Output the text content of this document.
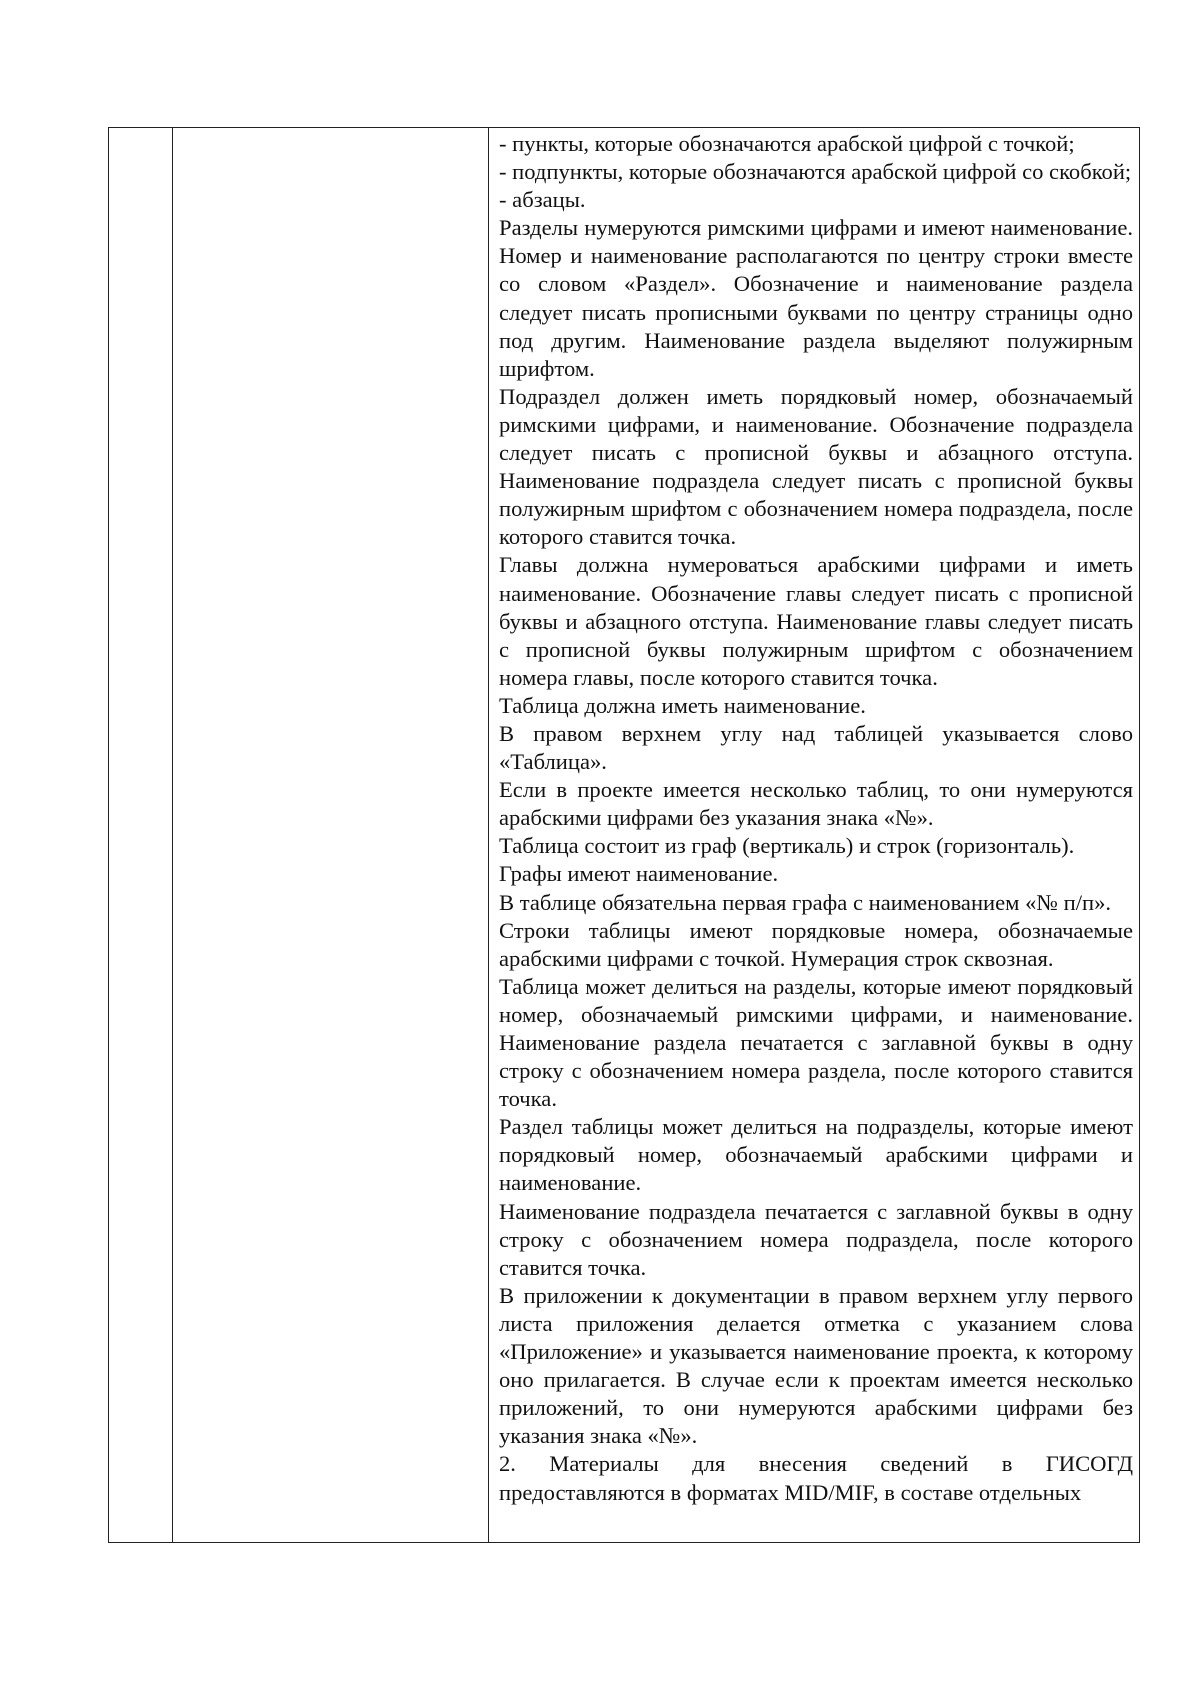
- пункты, которые обозначаются арабской цифрой с точкой;

- подпункты, которые обозначаются арабской цифрой со скобкой;

- абзацы.

Разделы нумеруются римскими цифрами и имеют наименование. Номер и наименование располагаются по центру строки вместе со словом «Раздел». Обозначение и наименование раздела следует писать прописными буквами по центру страницы одно под другим. Наименование раздела выделяют полужирным шрифтом.

Подраздел должен иметь порядковый номер, обозначаемый римскими цифрами, и наименование. Обозначение подраздела следует писать с прописной буквы и абзацного отступа. Наименование подраздела следует писать с прописной буквы полужирным шрифтом с обозначением номера подраздела, после которого ставится точка.

Главы должна нумероваться арабскими цифрами и иметь наименование. Обозначение главы следует писать с прописной буквы и абзацного отступа. Наименование главы следует писать с прописной буквы полужирным шрифтом с обозначением номера главы, после которого ставится точка.

Таблица должна иметь наименование.

В правом верхнем углу над таблицей указывается слово «Таблица».

Если в проекте имеется несколько таблиц, то они нумеруются арабскими цифрами без указания знака «№».

Таблица состоит из граф (вертикаль) и строк (горизонталь).

Графы имеют наименование.

В таблице обязательна первая графа с наименованием «№ п/п».

Строки таблицы имеют порядковые номера, обозначаемые арабскими цифрами с точкой. Нумерация строк сквозная.

Таблица может делиться на разделы, которые имеют порядковый номер, обозначаемый римскими цифрами, и наименование. Наименование раздела печатается с заглавной буквы в одну строку с обозначением номера раздела, после которого ставится точка.

Раздел таблицы может делиться на подразделы, которые имеют порядковый номер, обозначаемый арабскими цифрами и наименование.

Наименование подраздела печатается с заглавной буквы в одну строку с обозначением номера подраздела, после которого ставится точка.

В приложении к документации в правом верхнем углу первого листа приложения делается отметка с указанием слова «Приложение» и указывается наименование проекта, к которому оно прилагается. В случае если к проектам имеется несколько приложений, то они нумеруются арабскими цифрами без указания знака «№».

2. Материалы для внесения сведений в ГИСОГД предоставляются в форматах MID/MIF, в составе отдельных
